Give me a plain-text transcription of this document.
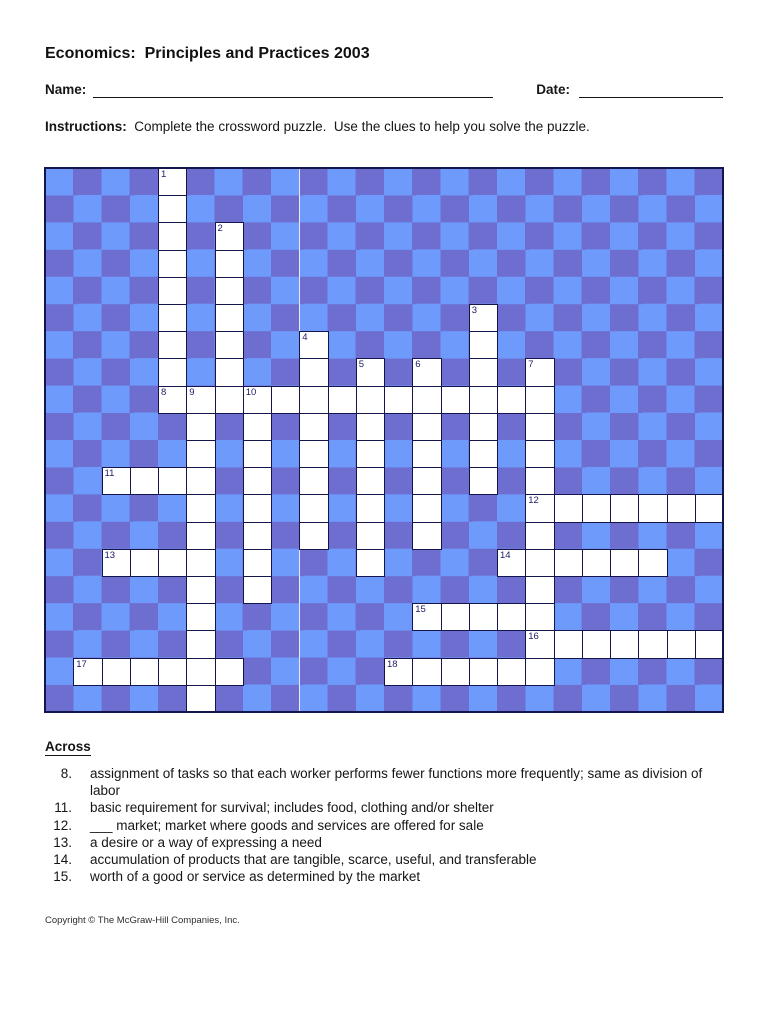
Economics:  Principles and Practices 2003
Name:	Date:
Instructions:  Complete the crossword puzzle.  Use the clues to help you solve the puzzle.
1
2
3
4
5	6	7
8	9	10
11
12
13	14
15
16
17	18
Across
8. assignment of tasks so that each worker performs fewer functions more frequently; same as division of labor
11. basic requirement for survival; includes food, clothing and/or shelter
12. ___ market; market where goods and services are offered for sale
13. a desire or a way of expressing a need
14. accumulation of products that are tangible, scarce, useful, and transferable
15. worth of a good or service as determined by the market
Copyright © The McGraw-Hill Companies, Inc.
